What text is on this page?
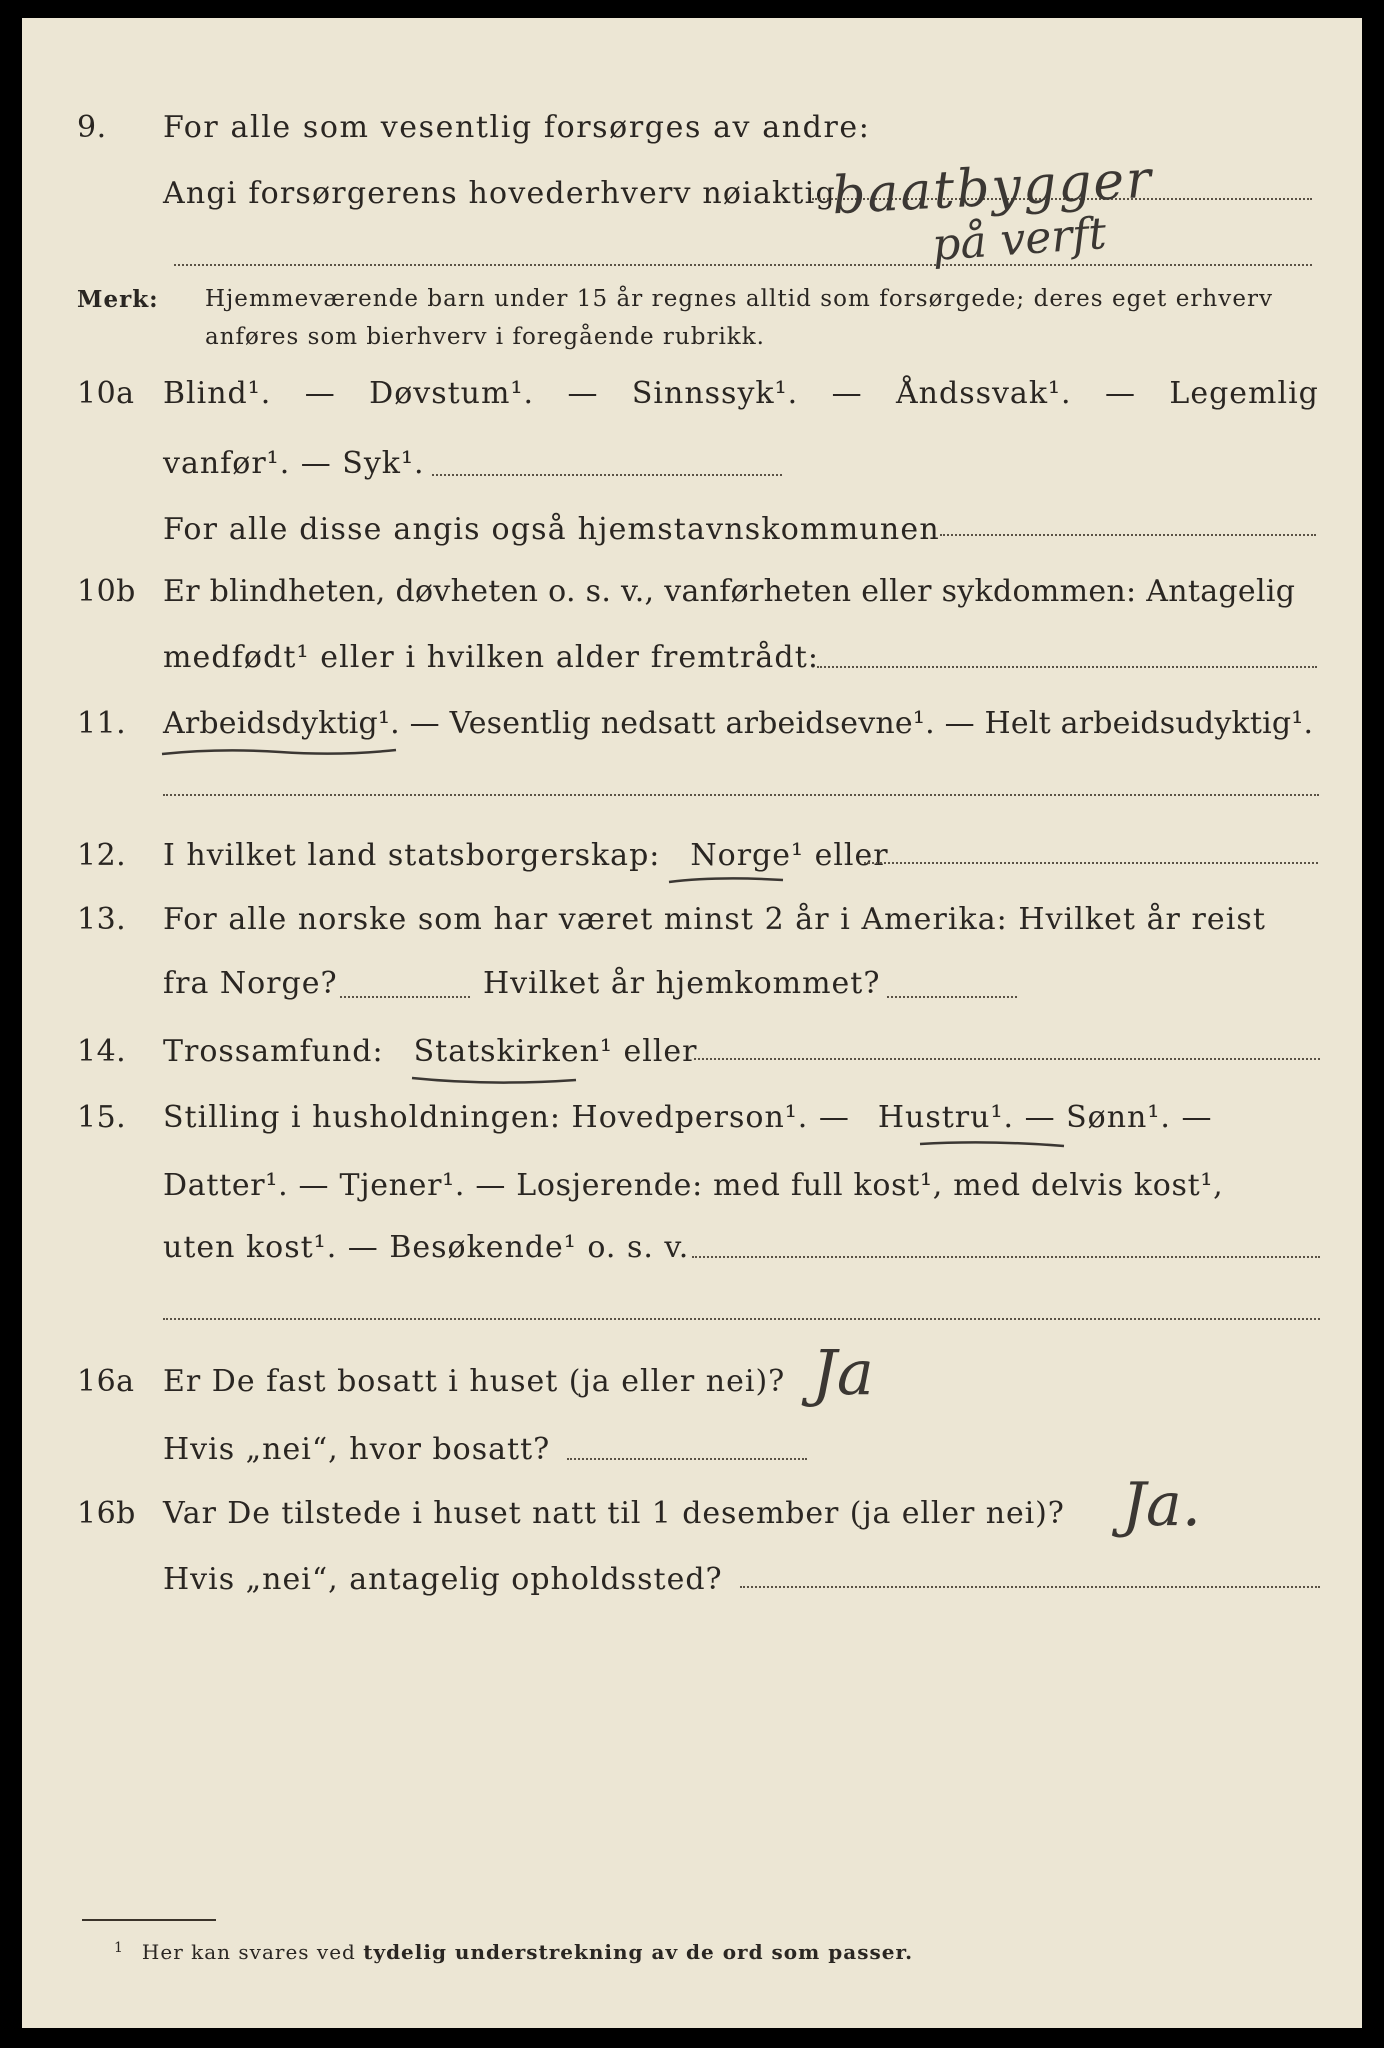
9. For alle som vesentlig forsørges av andre:
Angi forsørgerens hovederhverv nøiaktig
baatbygger
på verft
Merk: Hjemmeværende barn under 15 år regnes alltid som forsørgede; deres eget erhverv
anføres som bierhverv i foregående rubrikk.
10a Blind¹. — Døvstum¹. — Sinnssyk¹. — Åndssvak¹. — Legemlig
vanfør¹. — Syk¹.
For alle disse angis også hjemstavnskommunen
10b Er blindheten, døvheten o. s. v., vanførheten eller sykdommen: Antagelig
medfødt¹ eller i hvilken alder fremtrådt:
11. Arbeidsdyktig¹. — Vesentlig nedsatt arbeidsevne¹. — Helt arbeidsudyktig¹.
12. I hvilket land statsborgerskap: Norge¹ eller
13. For alle norske som har været minst 2 år i Amerika: Hvilket år reist
fra Norge?	Hvilket år hjemkommet?
14. Trossamfund: Statskirken¹ eller
15. Stilling i husholdningen: Hovedperson¹. — Hustru¹. — Sønn¹. —
Datter¹. — Tjener¹. — Losjerende: med full kost¹, med delvis kost¹,
uten kost¹. — Besøkende¹ o. s. v.
16a Er De fast bosatt i huset (ja eller nei)? Ja
Hvis „nei“, hvor bosatt?
16b Var De tilstede i huset natt til 1 desember (ja eller nei)? Ja.
Hvis „nei“, antagelig opholdssted?
$^1$ Her kan svares ved tydelig understrekning av de ord som passer.
